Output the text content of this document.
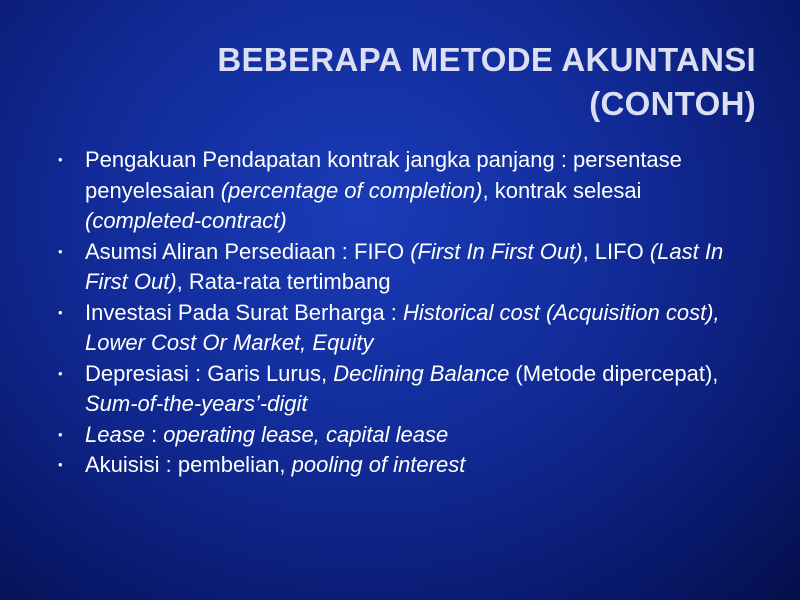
BEBERAPA METODE AKUNTANSI
(CONTOH)
• Pengakuan Pendapatan kontrak jangka panjang : persentase penyelesaian (percentage of completion), kontrak selesai (completed‑contract)
• Asumsi Aliran Persediaan : FIFO (First In First Out), LIFO (Last In First Out), Rata‑rata tertimbang
• Investasi Pada Surat Berharga : Historical cost (Acquisition cost), Lower Cost Or Market, Equity
• Depresiasi : Garis Lurus, Declining Balance (Metode dipercepat), Sum‑of‑the‑years’‑digit
• Lease : operating lease, capital lease
• Akuisisi : pembelian, pooling of interest
